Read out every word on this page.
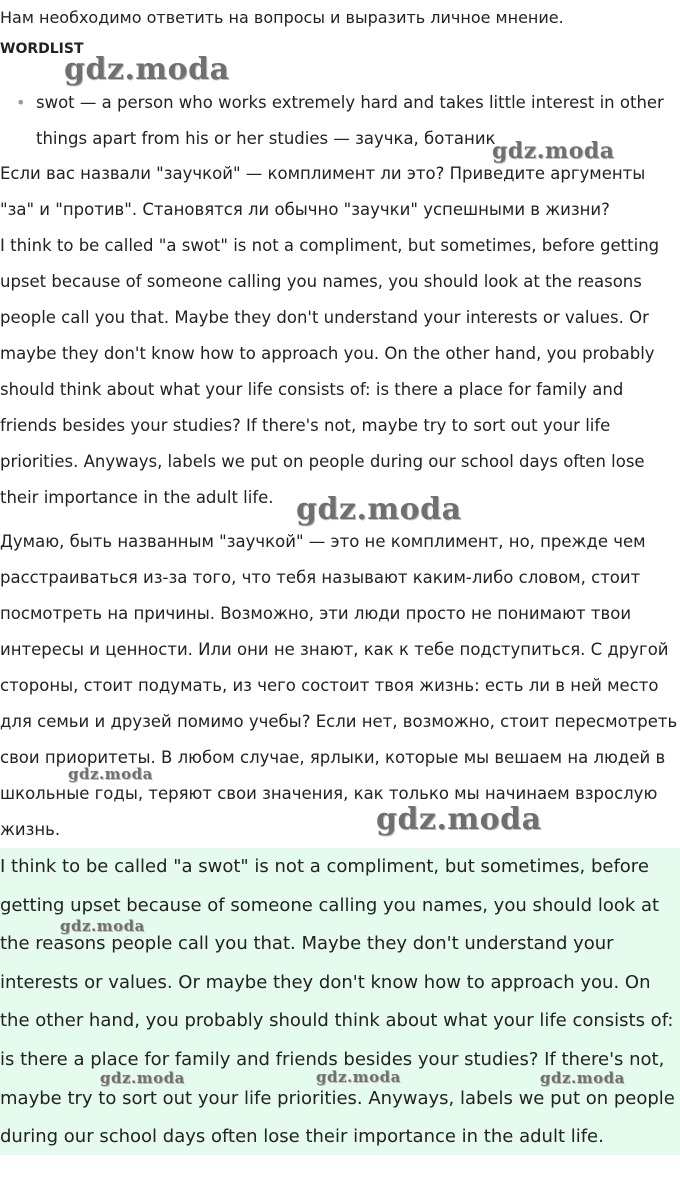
Нам необходимо ответить на вопросы и выразить личное мнение.

WORDLIST
• swot — a person who works extremely hard and takes little interest in other things apart from his or her studies — заучка, ботаник

Если вас назвали "заучкой" — комплимент ли это? Приведите аргументы "за" и "против". Становятся ли обычно "заучки" успешными в жизни?

I think to be called "a swot" is not a compliment, but sometimes, before getting upset because of someone calling you names, you should look at the reasons people call you that. Maybe they don't understand your interests or values. Or maybe they don't know how to approach you. On the other hand, you probably should think about what your life consists of: is there a place for family and friends besides your studies? If there's not, maybe try to sort out your life priorities. Anyways, labels we put on people during our school days often lose their importance in the adult life.

Думаю, быть названным "заучкой" — это не комплимент, но, прежде чем расстраиваться из-за того, что тебя называют каким-либо словом, стоит посмотреть на причины. Возможно, эти люди просто не понимают твои интересы и ценности. Или они не знают, как к тебе подступиться. С другой стороны, стоит подумать, из чего состоит твоя жизнь: есть ли в ней место для семьи и друзей помимо учебы? Если нет, возможно, стоит пересмотреть свои приоритеты. В любом случае, ярлыки, которые мы вешаем на людей в школьные годы, теряют свои значения, как только мы начинаем взрослую жизнь.

I think to be called "a swot" is not a compliment, but sometimes, before getting upset because of someone calling you names, you should look at the reasons people call you that. Maybe they don't understand your interests or values. Or maybe they don't know how to approach you. On the other hand, you probably should think about what your life consists of: is there a place for family and friends besides your studies? If there's not, maybe try to sort out your life priorities. Anyways, labels we put on people during our school days often lose their importance in the adult life.

gdz.moda
gdz.moda
gdz.moda
gdz.moda
gdz.moda
gdz.moda
gdz.moda	gdz.moda	gdz.moda
